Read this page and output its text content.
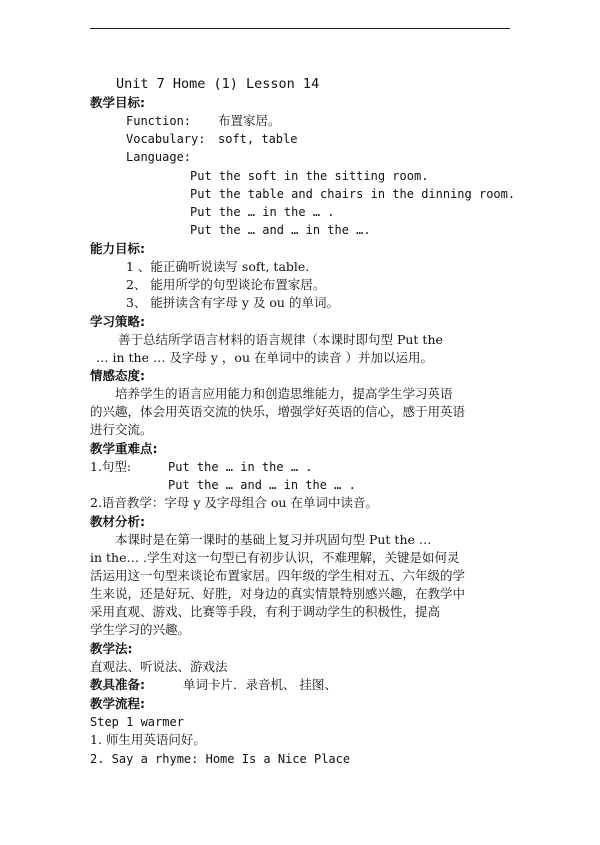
Unit 7 Home (1) Lesson 14
教学目标:
Function: 布置家居。
Vocabulary: soft, table
Language:
Put the soft in the sitting room.
Put the table and chairs in the dinning room.
Put the … in the … .
Put the … and … in the ….
能力目标:
1 、能正确听说读写 soft, table.
2、 能用所学的句型谈论布置家居。
3、 能拼读含有字母 y 及 ou 的单词。
学习策略:
善于总结所学语言材料的语言规律（本课时即句型 Put the
… in the … 及字母 y ，ou 在单词中的读音 ）并加以运用。
情感态度:
培养学生的语言应用能力和创造思维能力，提高学生学习英语
的兴趣，体会用英语交流的快乐，增强学好英语的信心，感于用英语
进行交流。
教学重难点:
1.句型:	Put the … in the … .
Put the … and … in the … .
2.语音教学：字母 y 及字母组合 ou 在单词中读音。
教材分析:
本课时是在第一课时的基础上复习并巩固句型 Put the …
in the… .学生对这一句型已有初步认识，不难理解，关键是如何灵
活运用这一句型来谈论布置家居。四年级的学生相对五、六年级的学
生来说，还是好玩、好胜，对身边的真实情景特别感兴趣，在教学中
采用直观、游戏、比赛等手段，有利于调动学生的积极性，提高
学生学习的兴趣。
教学法:
直观法、听说法、游戏法
教具准备:	单词卡片．录音机、 挂图、
教学流程:
Step 1 warmer
1. 师生用英语问好。
2. Say a rhyme: Home Is a Nice Place
